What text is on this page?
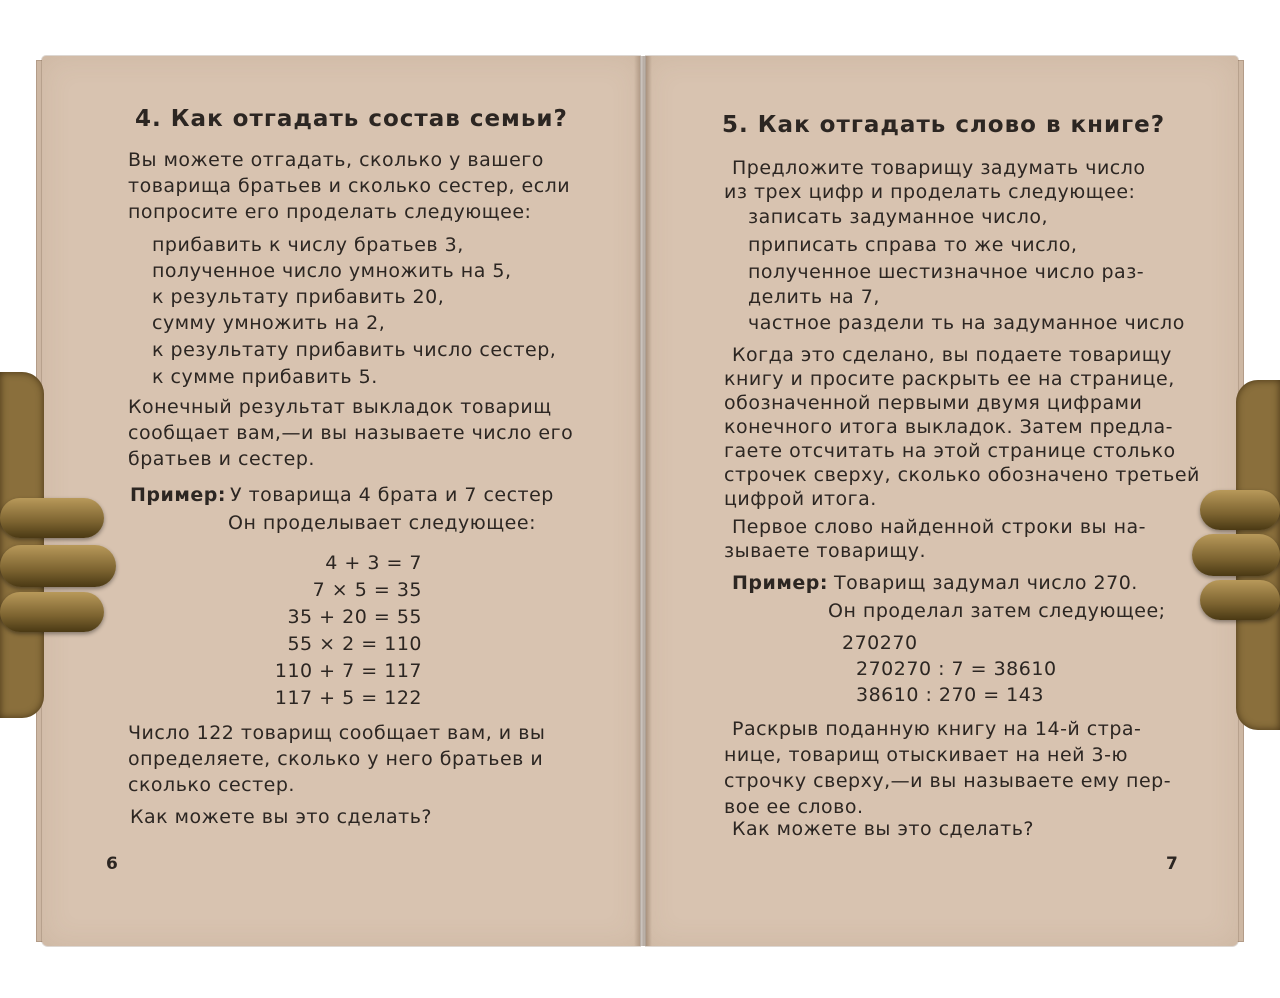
4. Как отгадать состав семьи?
Вы можете отгадать, сколько у вашего
товарища братьев и сколько сестер, если
попросите его проделать следующее:
прибавить к числу братьев 3,
полученное число умножить на 5,
к результату прибавить 20,
сумму умножить на 2,
к результату прибавить число сестер,
к сумме прибавить 5.
Конечный результат выкладок товарищ
сообщает вам,—и вы называете число его
братьев и сестер.
Пример: У товарища 4 брата и 7 сестер
Он проделывает следующее:
4 + 3 = 7
7 × 5 = 35
35 + 20 = 55
55 × 2 = 110
110 + 7 = 117
117 + 5 = 122
Число 122 товарищ сообщает вам, и вы
определяете, сколько у него братьев и
сколько сестер.
Как можете вы это сделать?
6
5. Как отгадать слово в книге?
Предложите товарищу задумать число
из трех цифр и проделать следующее:
записать задуманное число,
приписать справа то же число,
полученное шестизначное число раз-
делить на 7,
частное раздели ть на задуманное число
Когда это сделано, вы подаете товарищу
книгу и просите раскрыть ее на странице,
обозначенной первыми двумя цифрами
конечного итога выкладок. Затем предла-
гаете отсчитать на этой странице столько
строчек сверху, сколько обозначено третьей
цифрой итога.
Первое слово найденной строки вы на-
зываете товарищу.
Пример: Товарищ задумал число 270.
Он проделал затем следующее;
270270
270270 : 7 = 38610
38610 : 270 = 143
Раскрыв поданную книгу на 14-й стра-
нице, товарищ отыскивает на ней 3-ю
строчку сверху,—и вы называете ему пер-
вое ее слово.
Как можете вы это сделать?
7
